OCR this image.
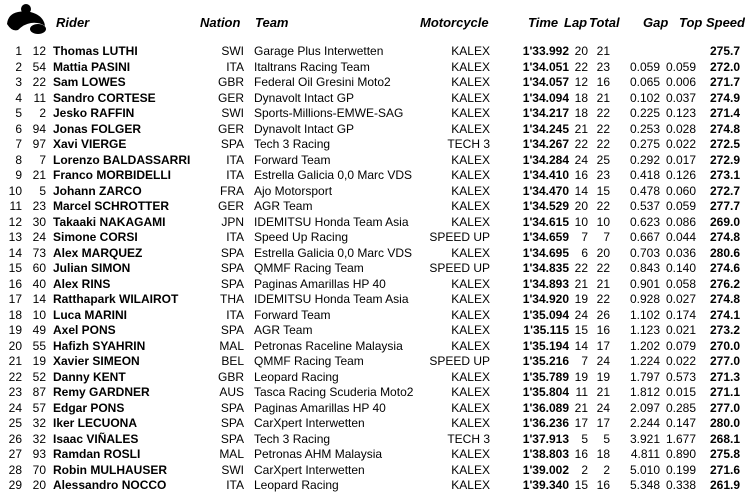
Rider	Nation Team	Motorcycle	Time Lap Total Gap Top Speed
1 12 Thomas LUTHI	SWI Garage Plus Interwetten	KALEX	1'33.992 20 21	275.7
2 54 Mattia PASINI	ITA Italtrans Racing Team	KALEX	1'34.051 22 23	0.059 0.059	272.0
3 22 Sam LOWES	GBR Federal Oil Gresini Moto2	KALEX	1'34.057 12 16	0.065 0.006	271.7
4 11 Sandro CORTESE	GER Dynavolt Intact GP	KALEX	1'34.094 18 21	0.102 0.037	274.9
5	2 Jesko RAFFIN	SWI Sports-Millions-EMWE-SAG	KALEX	1'34.217 18 22	0.225 0.123	271.4
6 94 Jonas FOLGER	GER Dynavolt Intact GP	KALEX	1'34.245 21 22	0.253 0.028	274.8
7 97 Xavi VIERGE	SPA Tech 3 Racing	TECH 3	1'34.267 22 22	0.275 0.022	272.5
8	7 Lorenzo BALDASSARRI	ITA Forward Team	KALEX	1'34.284 24 25	0.292 0.017	272.9
9 21 Franco MORBIDELLI	ITA Estrella Galicia 0,0 Marc VDS	KALEX	1'34.410 16 23	0.418 0.126	273.1
10	5 Johann ZARCO	FRA Ajo Motorsport	KALEX	1'34.470 14 15	0.478 0.060	272.7
11 23 Marcel SCHROTTER	GER AGR Team	KALEX	1'34.529 20 22	0.537 0.059	277.7
12 30 Takaaki NAKAGAMI	JPN IDEMITSU Honda Team Asia	KALEX	1'34.615 10 10	0.623 0.086	269.0
13 24 Simone CORSI	ITA Speed Up Racing	SPEED UP	1'34.659	7	7	0.667 0.044	274.8
14 73 Alex MARQUEZ	SPA Estrella Galicia 0,0 Marc VDS	KALEX	1'34.695	6 20	0.703 0.036	280.6
15 60 Julian SIMON	SPA QMMF Racing Team	SPEED UP	1'34.835 22 22	0.843 0.140	274.6
16 40 Alex RINS	SPA Paginas Amarillas HP 40	KALEX	1'34.893 21 21	0.901 0.058	276.2
17 14 Ratthapark WILAIROT	THA IDEMITSU Honda Team Asia	KALEX	1'34.920 19 22	0.928 0.027	274.8
18 10 Luca MARINI	ITA Forward Team	KALEX	1'35.094 24 26	1.102 0.174	274.1
19 49 Axel PONS	SPA AGR Team	KALEX	1'35.115 15 16	1.123 0.021	273.2
20 55 Hafizh SYAHRIN	MAL Petronas Raceline Malaysia	KALEX	1'35.194 14 17	1.202 0.079	270.0
21 19 Xavier SIMEON	BEL QMMF Racing Team	SPEED UP	1'35.216	7 24	1.224 0.022	277.0
22 52 Danny KENT	GBR Leopard Racing	KALEX	1'35.789 19 19	1.797 0.573	271.3
23 87 Remy GARDNER	AUS Tasca Racing Scuderia Moto2	KALEX	1'35.804 11 21	1.812 0.015	271.1
24 57 Edgar PONS	SPA Paginas Amarillas HP 40	KALEX	1'36.089 21 24	2.097 0.285	277.0
25 32 Iker LECUONA	SPA CarXpert Interwetten	KALEX	1'36.236 17 17	2.244 0.147	280.0
26 32 Isaac VIÑALES	SPA Tech 3 Racing	TECH 3	1'37.913	5	5	3.921 1.677	268.1
27 93 Ramdan ROSLI	MAL Petronas AHM Malaysia	KALEX	1'38.803 16 18	4.811 0.890	275.8
28 70 Robin MULHAUSER	SWI CarXpert Interwetten	KALEX	1'39.002	2	2	5.010 0.199	271.6
29 20 Alessandro NOCCO	ITA Leopard Racing	KALEX	1'39.340 15 16	5.348 0.338	261.9
